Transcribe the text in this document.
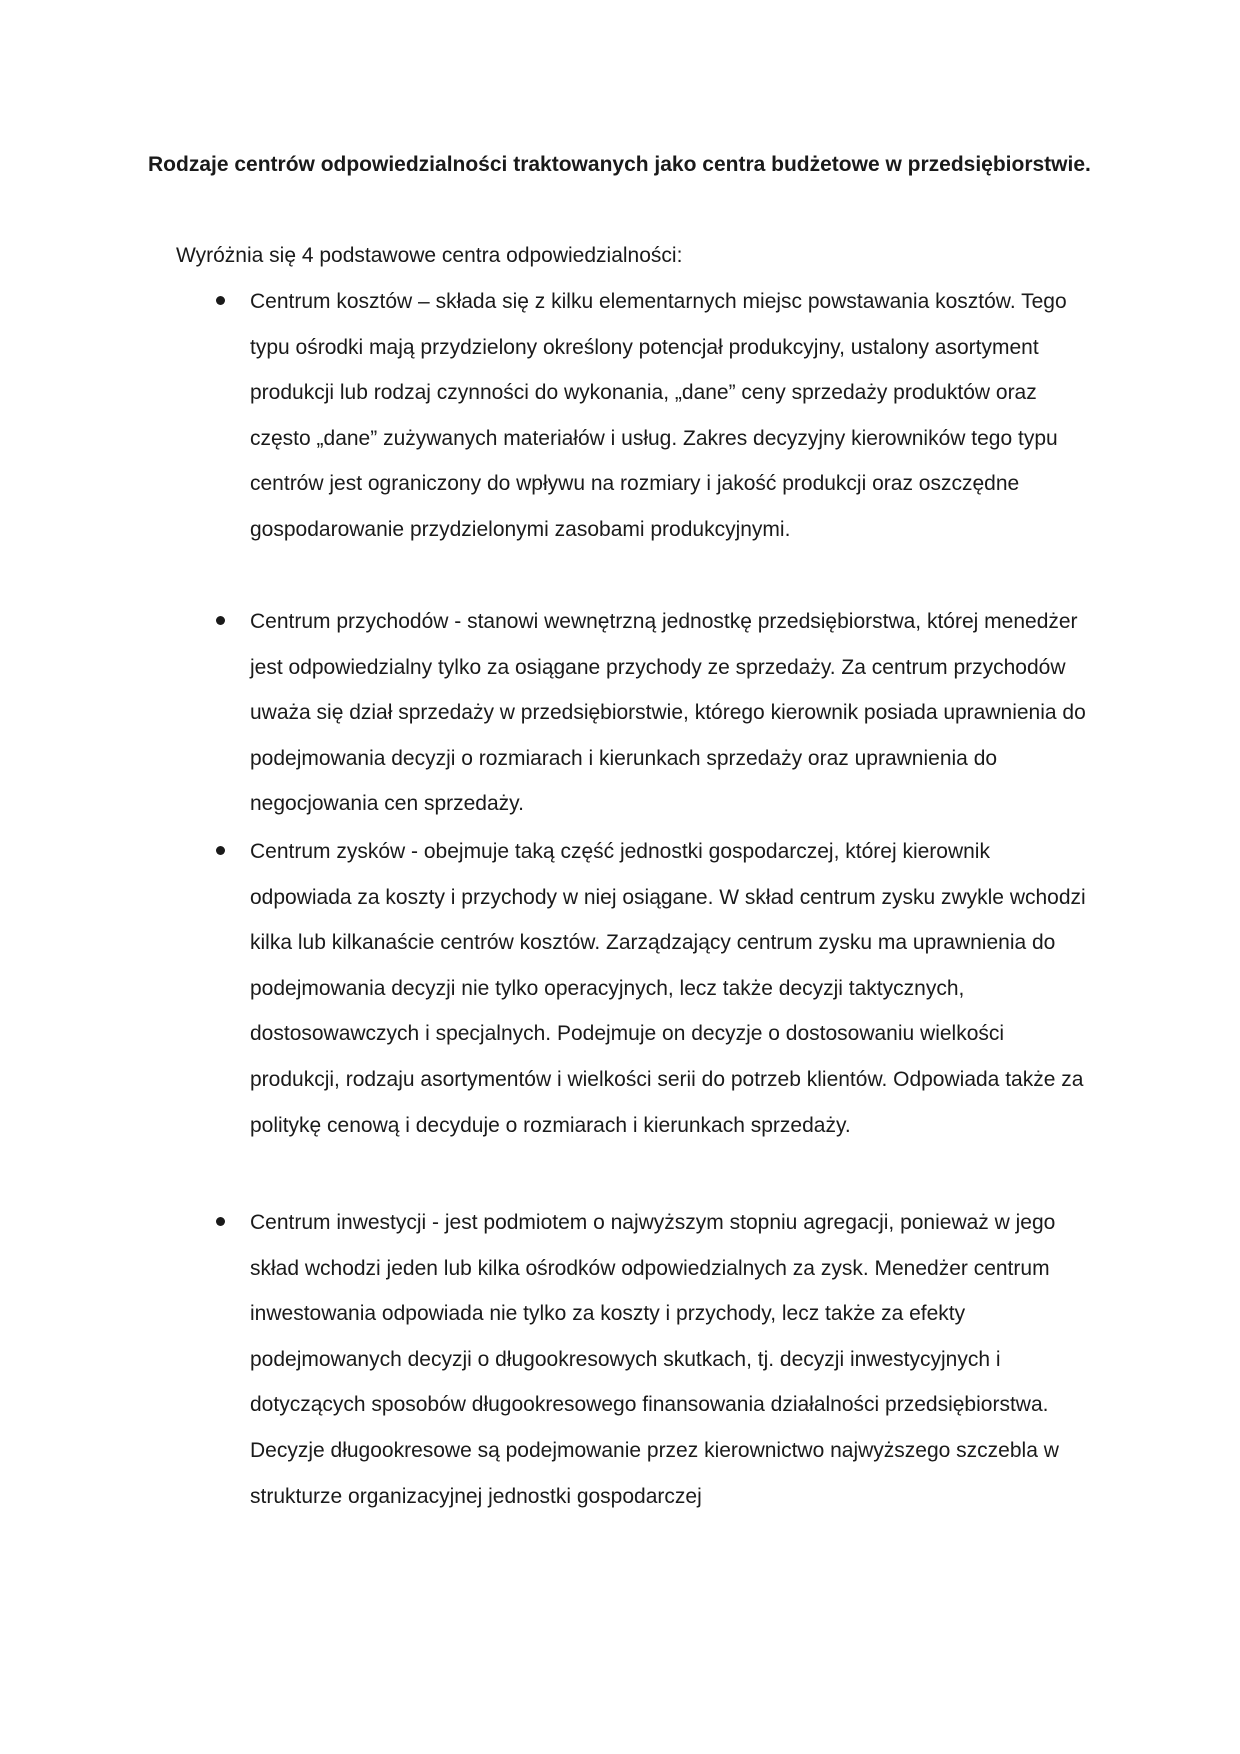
Rodzaje centrów odpowiedzialności traktowanych jako centra budżetowe w przedsiębiorstwie.

Wyróżnia się 4 podstawowe centra odpowiedzialności:

Centrum kosztów – składa się z kilku elementarnych miejsc powstawania kosztów. Tego typu ośrodki mają przydzielony określony potencjał produkcyjny, ustalony asortyment produkcji lub rodzaj czynności do wykonania, „dane” ceny sprzedaży produktów oraz często „dane” zużywanych materiałów i usług. Zakres decyzyjny kierowników tego typu centrów jest ograniczony do wpływu na rozmiary i jakość produkcji oraz oszczędne gospodarowanie przydzielonymi zasobami produkcyjnymi.
Centrum przychodów - stanowi wewnętrzną jednostkę przedsiębiorstwa, której menedżer jest odpowiedzialny tylko za osiągane przychody ze sprzedaży. Za centrum przychodów uważa się dział sprzedaży w przedsiębiorstwie, którego kierownik posiada uprawnienia do podejmowania decyzji o rozmiarach i kierunkach sprzedaży oraz uprawnienia do negocjowania cen sprzedaży.
Centrum zysków - obejmuje taką część jednostki gospodarczej, której kierownik odpowiada za koszty i przychody w niej osiągane. W skład centrum zysku zwykle wchodzi kilka lub kilkanaście centrów kosztów. Zarządzający centrum zysku ma uprawnienia do podejmowania decyzji nie tylko operacyjnych, lecz także decyzji taktycznych, dostosowawczych i specjalnych. Podejmuje on decyzje o dostosowaniu wielkości produkcji, rodzaju asortymentów i wielkości serii do potrzeb klientów. Odpowiada także za politykę cenową i decyduje o rozmiarach i kierunkach sprzedaży.
Centrum inwestycji - jest podmiotem o najwyższym stopniu agregacji, ponieważ w jego skład wchodzi jeden lub kilka ośrodków odpowiedzialnych za zysk. Menedżer centrum inwestowania odpowiada nie tylko za koszty i przychody, lecz także za efekty podejmowanych decyzji o długookresowych skutkach, tj. decyzji inwestycyjnych i dotyczących sposobów długookresowego finansowania działalności przedsiębiorstwa. Decyzje długookresowe są podejmowanie przez kierownictwo najwyższego szczebla w strukturze organizacyjnej jednostki gospodarczej
